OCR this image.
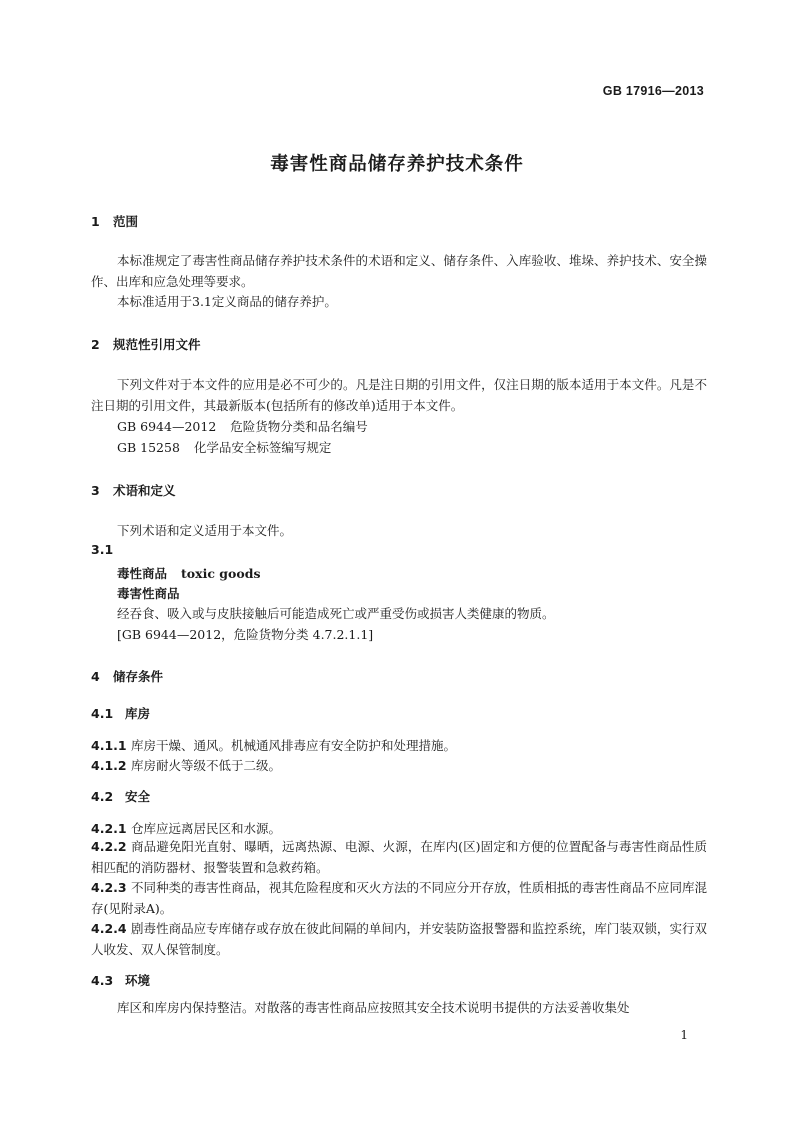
GB 17916—2013
毒害性商品储存养护技术条件
1 范围
本标准规定了毒害性商品储存养护技术条件的术语和定义、储存条件、入库验收、堆垛、养护技术、安全操作、出库和应急处理等要求。
本标准适用于3.1定义商品的储存养护。
2 规范性引用文件
下列文件对于本文件的应用是必不可少的。凡是注日期的引用文件，仅注日期的版本适用于本文件。凡是不注日期的引用文件，其最新版本(包括所有的修改单)适用于本文件。
GB 6944—2012 危险货物分类和品名编号
GB 15258 化学品安全标签编写规定
3 术语和定义
下列术语和定义适用于本文件。
3.1
毒性商品 toxic goods
毒害性商品
经吞食、吸入或与皮肤接触后可能造成死亡或严重受伤或损害人类健康的物质。
[GB 6944—2012，危险货物分类 4.7.2.1.1]
4 储存条件
4.1 库房
4.1.1 库房干燥、通风。机械通风排毒应有安全防护和处理措施。
4.1.2 库房耐火等级不低于二级。
4.2 安全
4.2.1 仓库应远离居民区和水源。
4.2.2 商品避免阳光直射、曝晒，远离热源、电源、火源，在库内(区)固定和方便的位置配备与毒害性商品性质相匹配的消防器材、报警装置和急救药箱。
4.2.3 不同种类的毒害性商品，视其危险程度和灭火方法的不同应分开存放，性质相抵的毒害性商品不应同库混存(见附录A)。
4.2.4 剧毒性商品应专库储存或存放在彼此间隔的单间内，并安装防盗报警器和监控系统，库门装双锁，实行双人收发、双人保管制度。
4.3 环境
库区和库房内保持整洁。对散落的毒害性商品应按照其安全技术说明书提供的方法妥善收集处
1
